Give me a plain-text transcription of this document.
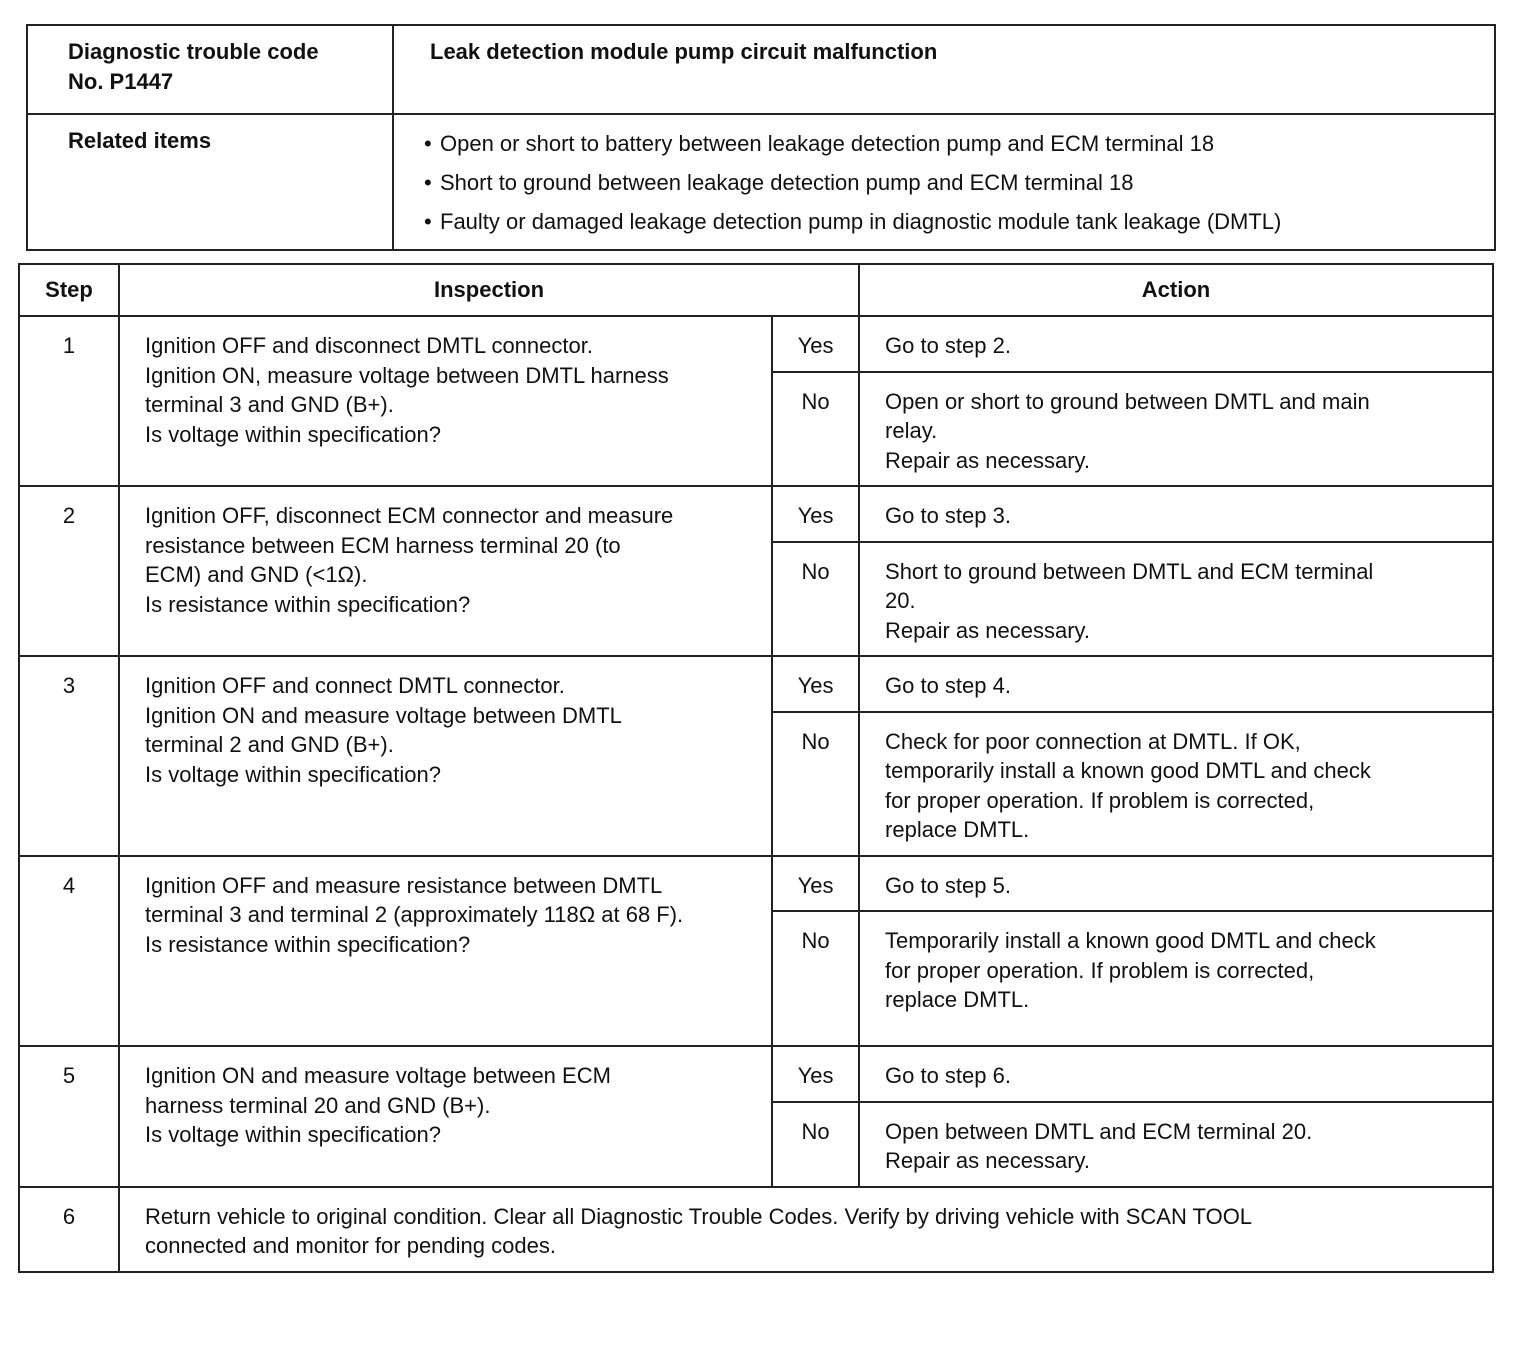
Diagnostic trouble code
No. P1447	Leak detection module pump circuit malfunction
Related items	• Open or short to battery between leakage detection pump and ECM terminal 18
• Short to ground between leakage detection pump and ECM terminal 18
• Faulty or damaged leakage detection pump in diagnostic module tank leakage (DMTL)
Step	Inspection		Action
1	Ignition OFF and disconnect DMTL connector.
Ignition ON, measure voltage between DMTL harness
terminal 3 and GND (B+).
Is voltage within specification?	Yes	Go to step 2.

		No	Open or short to ground between DMTL and main
relay.
Repair as necessary.

2	Ignition OFF, disconnect ECM connector and measure
resistance between ECM harness terminal 20 (to
ECM) and GND (<1Ω).
Is resistance within specification?	Yes	Go to step 3.

		No	Short to ground between DMTL and ECM terminal
20.
Repair as necessary.

3	Ignition OFF and connect DMTL connector.
Ignition ON and measure voltage between DMTL
terminal 2 and GND (B+).
Is voltage within specification?	Yes	Go to step 4.

		No	Check for poor connection at DMTL. If OK,
temporarily install a known good DMTL and check
for proper operation. If problem is corrected,
replace DMTL.

4	Ignition OFF and measure resistance between DMTL
terminal 3 and terminal 2 (approximately 118Ω at 68 F).
Is resistance within specification?	Yes	Go to step 5.

		No	Temporarily install a known good DMTL and check
for proper operation. If problem is corrected,
replace DMTL.

5	Ignition ON and measure voltage between ECM
harness terminal 20 and GND (B+).
Is voltage within specification?	Yes	Go to step 6.

		No	Open between DMTL and ECM terminal 20.
Repair as necessary.

6	Return vehicle to original condition. Clear all Diagnostic Trouble Codes. Verify by driving vehicle with SCAN TOOL
connected and monitor for pending codes.		
